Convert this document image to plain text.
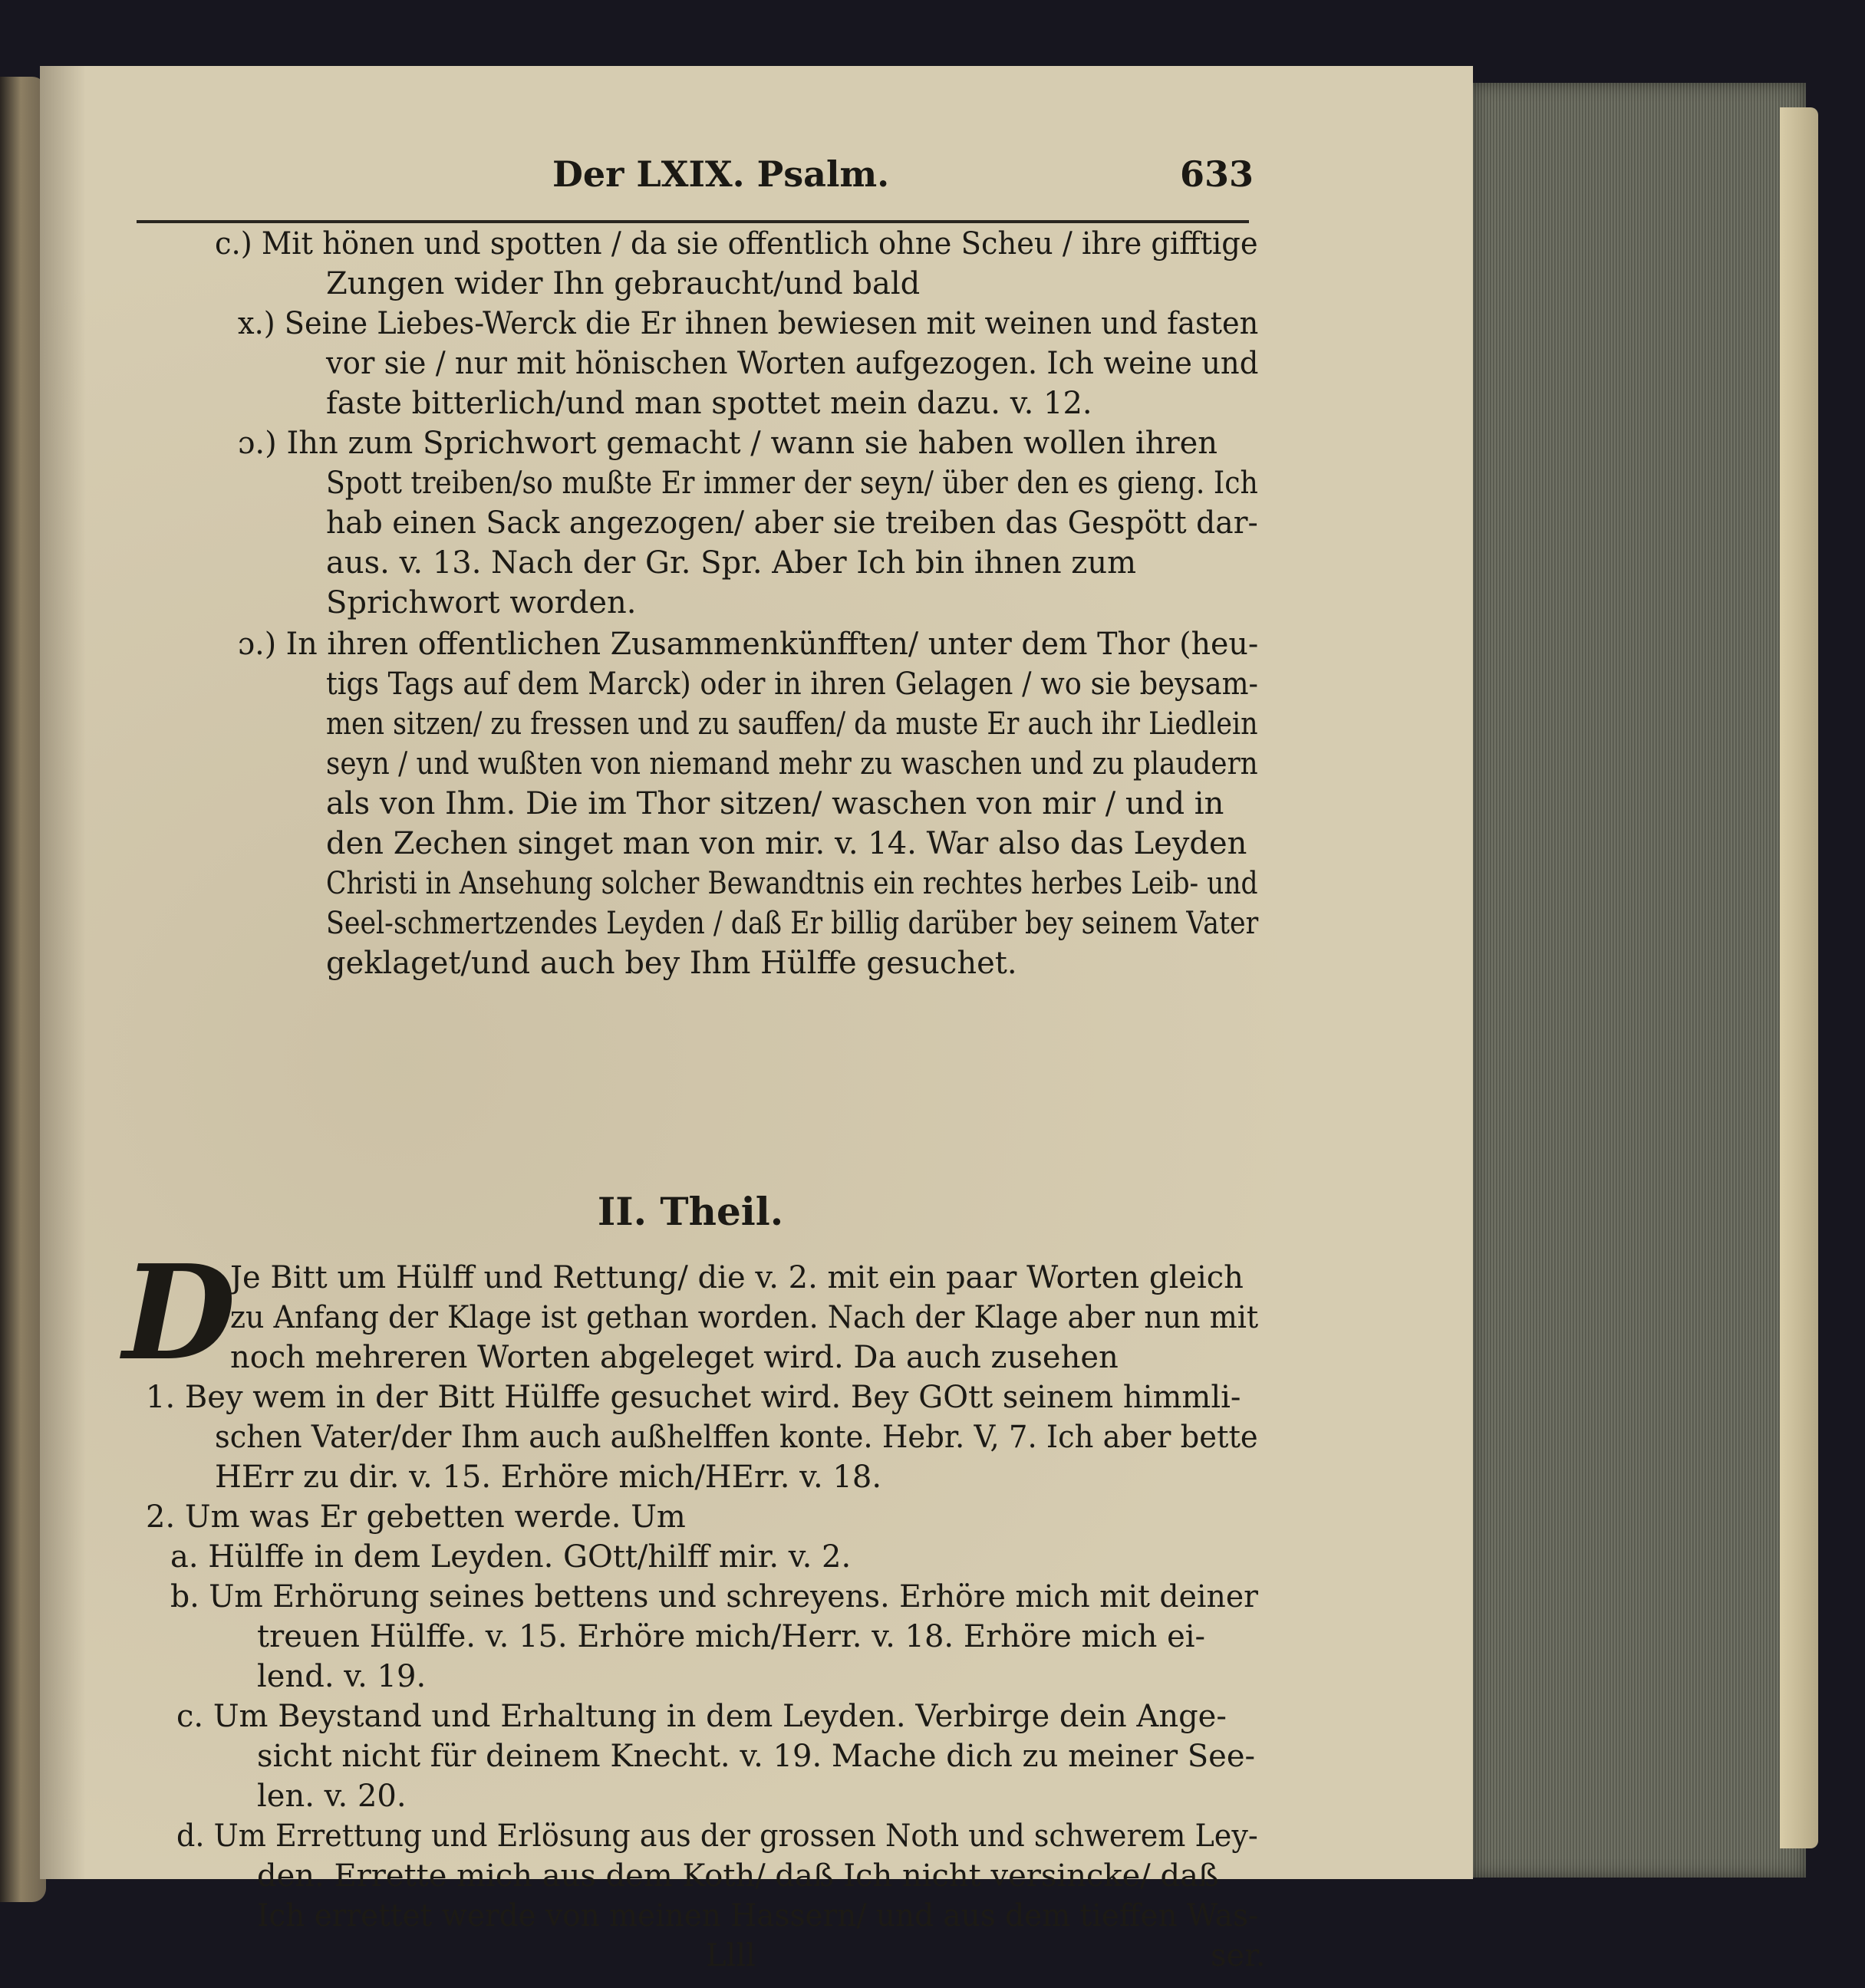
Der LXIX. Psalm.	633
c.) Mit hönen und spotten / da sie offentlich ohne Scheu / ihre gifftige
Zungen wider Ihn gebraucht/und bald
x.) Seine Liebes-Werck die Er ihnen bewiesen mit weinen und fasten
vor sie / nur mit hönischen Worten aufgezogen. Ich weine und
faste bitterlich/und man spottet mein dazu. v. 12.
ɔ.) Ihn zum Sprichwort gemacht / wann sie haben wollen ihren
Spott treiben/so mußte Er immer der seyn/ über den es gieng. Ich
hab einen Sack angezogen/ aber sie treiben das Gespött dar-
aus. v. 13. Nach der Gr. Spr. Aber Ich bin ihnen zum
Sprichwort worden.
ɔ.) In ihren offentlichen Zusammenkünfften/ unter dem Thor (heu-
tigs Tags auf dem Marck) oder in ihren Gelagen / wo sie beysam-
men sitzen/ zu fressen und zu sauffen/ da muste Er auch ihr Liedlein
seyn / und wußten von niemand mehr zu waschen und zu plaudern
als von Ihm. Die im Thor sitzen/ waschen von mir / und in
den Zechen singet man von mir. v. 14. War also das Leyden
Christi in Ansehung solcher Bewandtnis ein rechtes herbes Leib- und
Seel-schmertzendes Leyden / daß Er billig darüber bey seinem Vater
geklaget/und auch bey Ihm Hülffe gesuchet.
II. Theil.
D
Je Bitt um Hülff und Rettung/ die v. 2. mit ein paar Worten gleich
zu Anfang der Klage ist gethan worden. Nach der Klage aber nun mit
noch mehreren Worten abgeleget wird. Da auch zusehen
1. Bey wem in der Bitt Hülffe gesuchet wird. Bey GOtt seinem himmli-
schen Vater/der Ihm auch außhelffen konte. Hebr. V, 7. Ich aber bette
HErr zu dir. v. 15. Erhöre mich/HErr. v. 18.
2. Um was Er gebetten werde. Um
a. Hülffe in dem Leyden. GOtt/hilff mir. v. 2.
b. Um Erhörung seines bettens und schreyens. Erhöre mich mit deiner
treuen Hülffe. v. 15. Erhöre mich/Herr. v. 18. Erhöre mich ei-
lend. v. 19.
c. Um Beystand und Erhaltung in dem Leyden. Verbirge dein Ange-
sicht nicht für deinem Knecht. v. 19. Mache dich zu meiner See-
len. v. 20.
d. Um Errettung und Erlösung aus der grossen Noth und schwerem Ley-
den. Errette mich aus dem Koth/ daß Ich nicht versincke/ daß
Ich errettet werde von meinen Hassern/ und aus dem tieffen Was-
Llll	ser.
